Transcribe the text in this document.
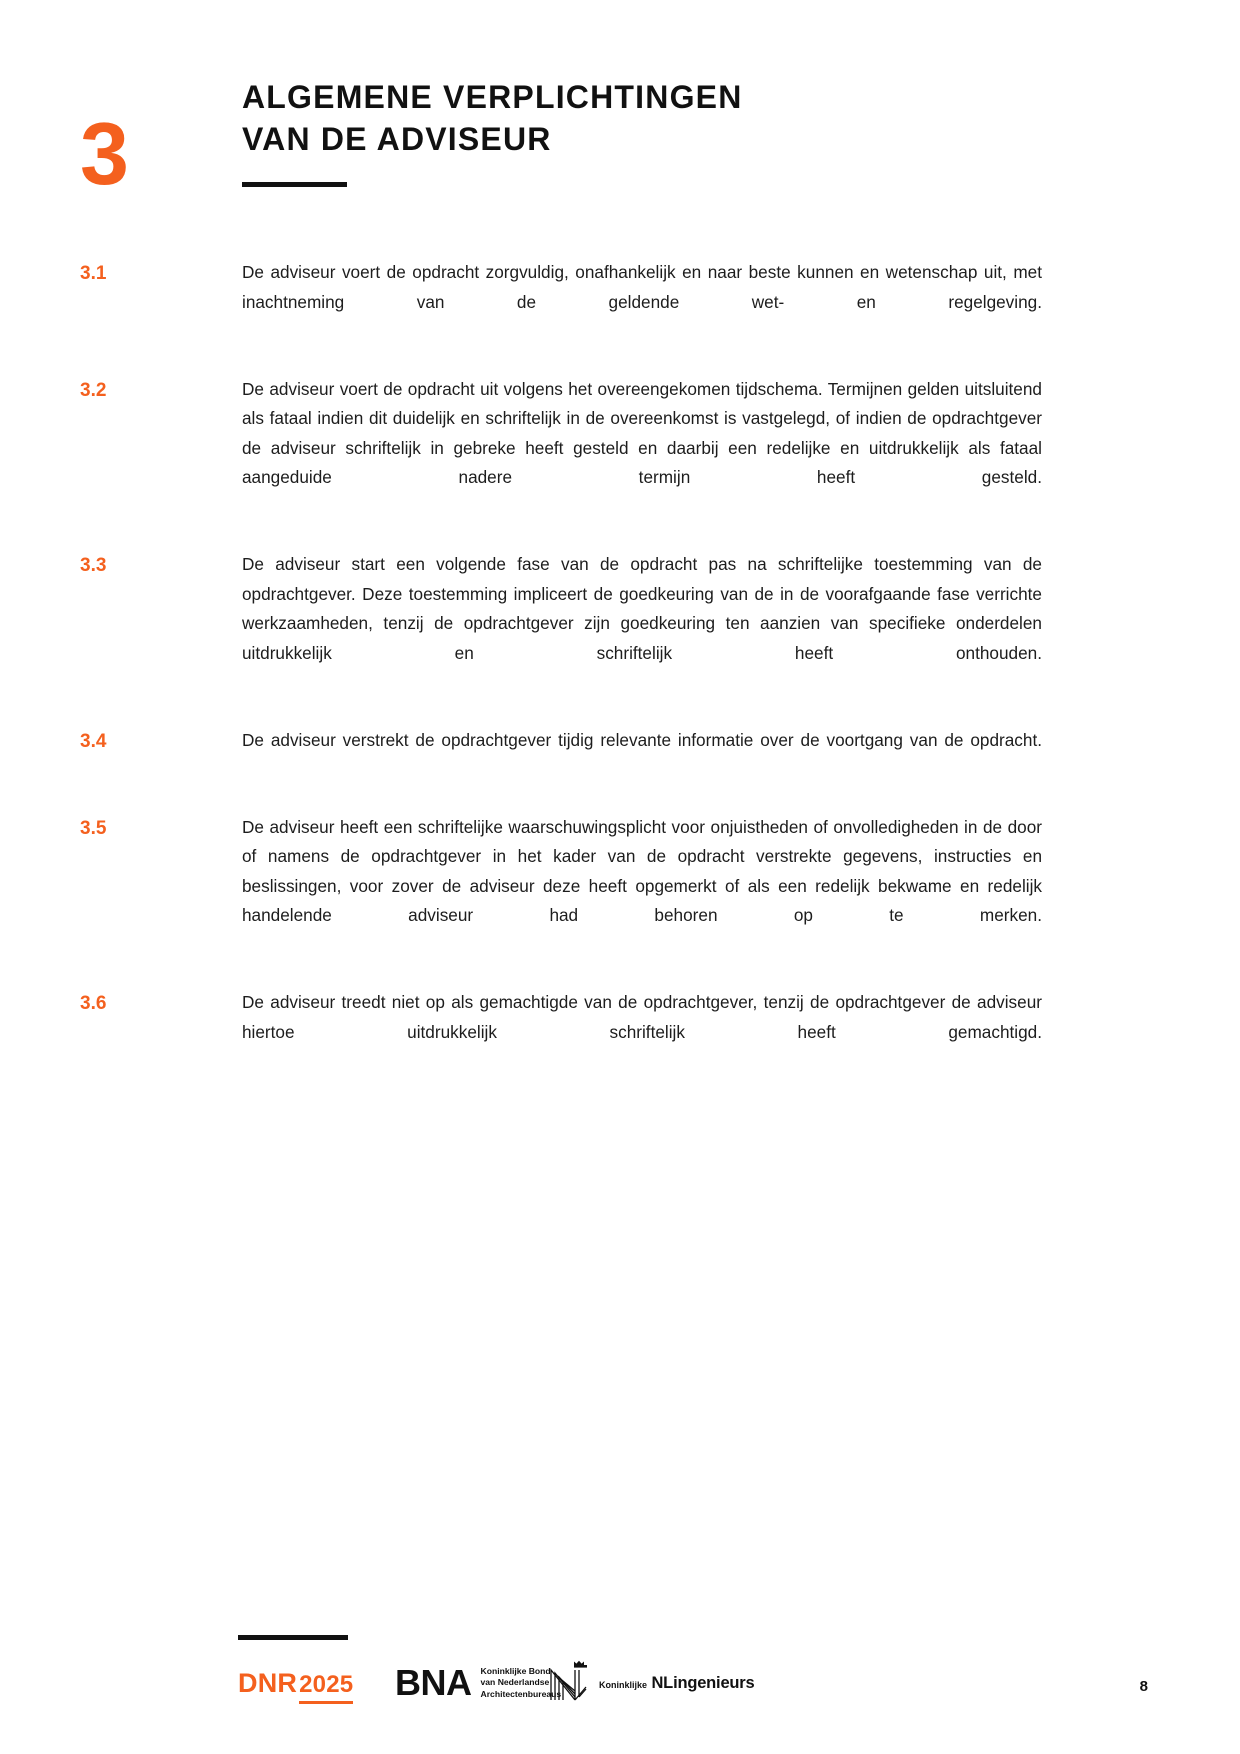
3
ALGEMENE VERPLICHTINGEN
VAN DE ADVISEUR
3.1	De adviseur voert de opdracht zorgvuldig, onafhankelijk en naar beste kunnen en wetenschap uit, met inachtneming van de geldende wet- en regelgeving.
3.2	De adviseur voert de opdracht uit volgens het overeengekomen tijdschema. Termijnen gelden uitsluitend als fataal indien dit duidelijk en schriftelijk in de overeenkomst is vastgelegd, of indien de opdrachtgever de adviseur schriftelijk in gebreke heeft gesteld en daarbij een redelijke en uitdrukkelijk als fataal aangeduide nadere termijn heeft gesteld.
3.3	De adviseur start een volgende fase van de opdracht pas na schriftelijke toestemming van de opdrachtgever. Deze toestemming impliceert de goedkeuring van de in de voorafgaande fase verrichte werkzaamheden, tenzij de opdrachtgever zijn goedkeuring ten aanzien van specifieke onderdelen uitdrukkelijk en schriftelijk heeft onthouden.
3.4	De adviseur verstrekt de opdrachtgever tijdig relevante informatie over de voortgang van de opdracht.
3.5	De adviseur heeft een schriftelijke waarschuwingsplicht voor onjuistheden of onvolledigheden in de door of namens de opdrachtgever in het kader van de opdracht verstrekte gegevens, instructies en beslissingen, voor zover de adviseur deze heeft opgemerkt of als een redelijk bekwame en redelijk handelende adviseur had behoren op te merken.
3.6	De adviseur treedt niet op als gemachtigde van de opdrachtgever, tenzij de opdrachtgever de adviseur hiertoe uitdrukkelijk schriftelijk heeft gemachtigd.
DNR 2025 BNA Koninklijke Bond
van Nederlandse
Architectenbureaus
Koninklijke NLingenieurs	8
